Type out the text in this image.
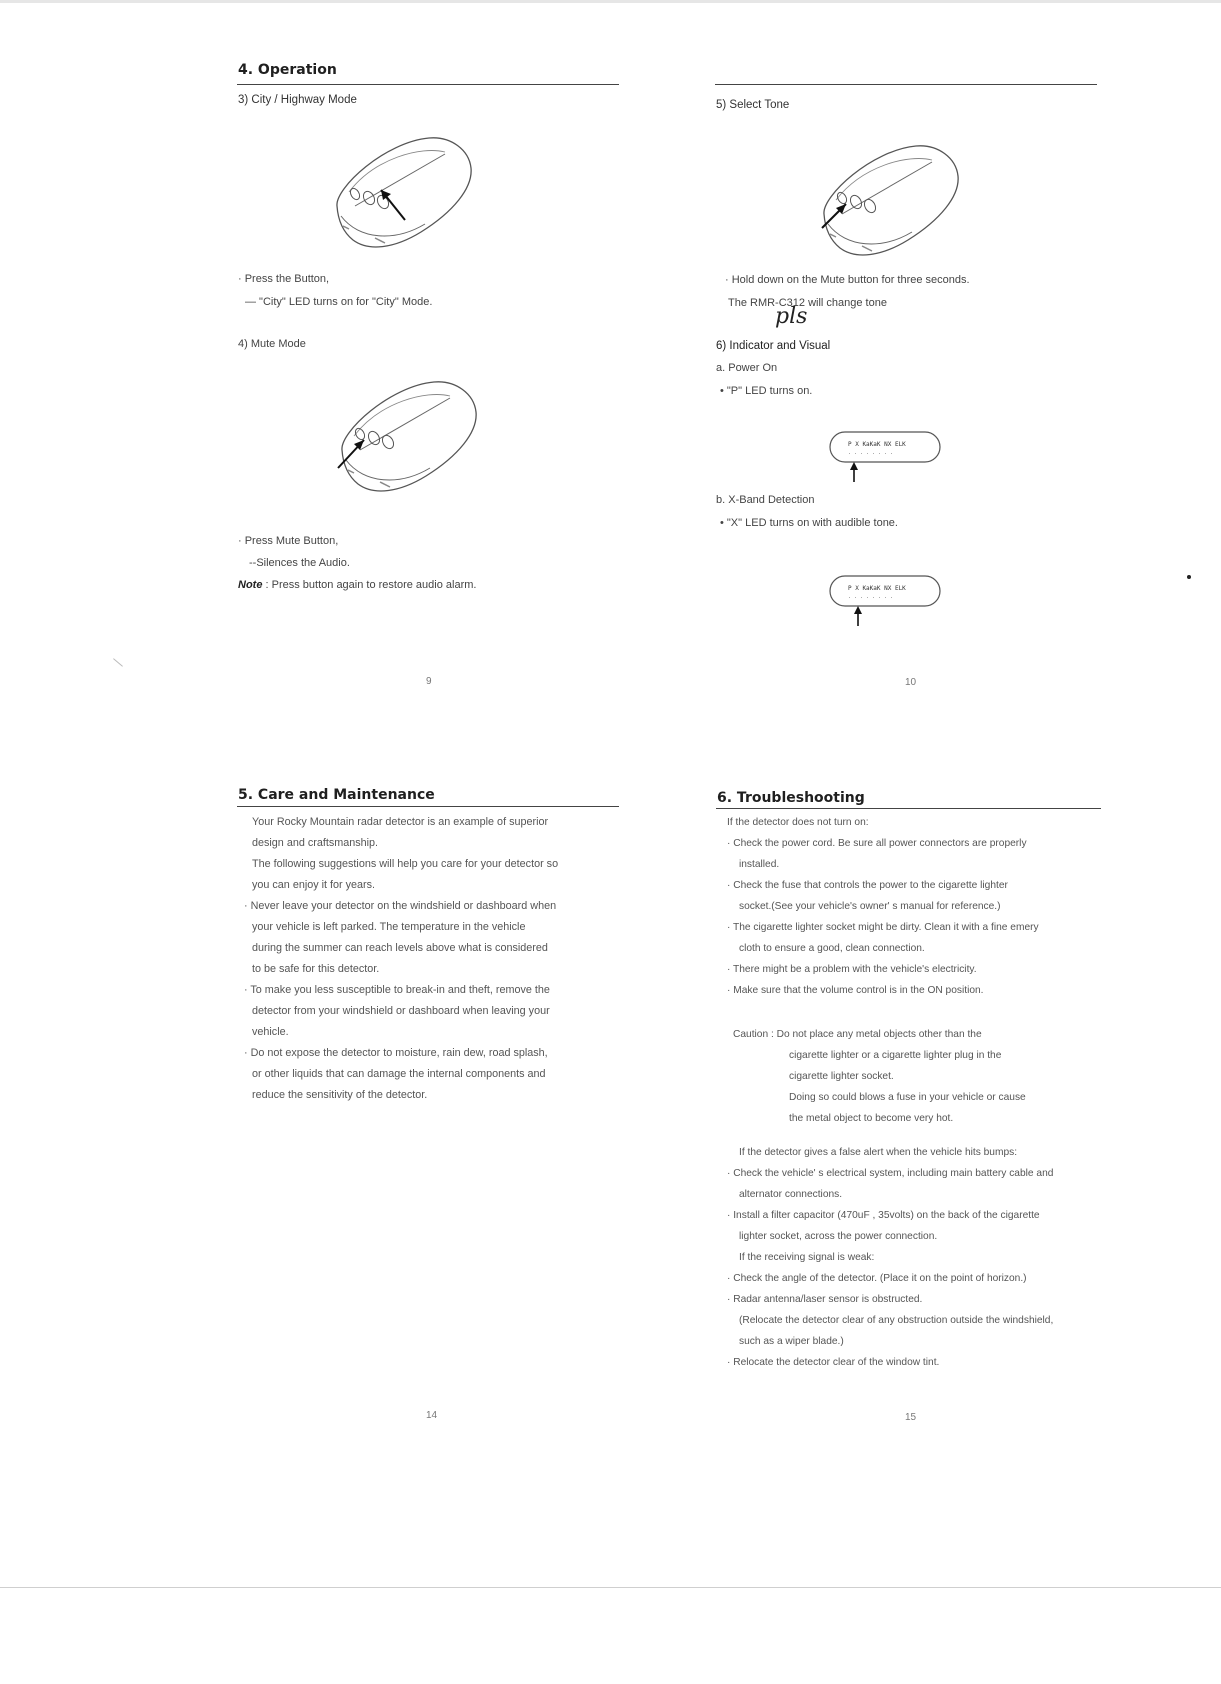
4. Operation
3) City / Highway Mode
· Press the Button,
— "City" LED turns on for "City" Mode.
4) Mute Mode
· Press Mute Button,
--Silences the Audio.
Note : Press button again to restore audio alarm.
9
5) Select Tone
· Hold down on the Mute button for three seconds.
The RMR-C312 will change tone
pls
6) Indicator and Visual
a. Power On
• "P" LED turns on.
P X KaKaK NX ELK
. . . . . . . .
b. X-Band Detection
• "X" LED turns on with audible tone.
P X KaKaK NX ELK
. . . . . . . .
10
5. Care and Maintenance
Your Rocky Mountain radar detector is an example of superior
design and craftsmanship.
The following suggestions will help you care for your detector so
you can enjoy it for years.
· Never leave your detector on the windshield or dashboard when
your vehicle is left parked. The temperature in the vehicle
during the summer can reach levels above what is considered
to be safe for this detector.
· To make you less susceptible to break-in and theft, remove the
detector from your windshield or dashboard when leaving your
vehicle.
· Do not expose the detector to moisture, rain dew, road splash,
or other liquids that can damage the internal components and
reduce the sensitivity of the detector.
14
6. Troubleshooting
If the detector does not turn on:
· Check the power cord. Be sure all power connectors are properly
installed.
· Check the fuse that controls the power to the cigarette lighter
socket.(See your vehicle's owner' s manual for reference.)
· The cigarette lighter socket might be dirty. Clean it with a fine emery
cloth to ensure a good, clean connection.
· There might be a problem with the vehicle's electricity.
· Make sure that the volume control is in the ON position.
Caution : Do not place any metal objects other than the
cigarette lighter or a cigarette lighter plug in the
cigarette lighter socket.
Doing so could blows a fuse in your vehicle or cause
the metal object to become very hot.
If the detector gives a false alert when the vehicle hits bumps:
· Check the vehicle' s electrical system, including main battery cable and
alternator connections.
· Install a filter capacitor (470uF , 35volts) on the back of the cigarette
lighter socket, across the power connection.
If the receiving signal is weak:
· Check the angle of the detector. (Place it on the point of horizon.)
· Radar antenna/laser sensor is obstructed.
(Relocate the detector clear of any obstruction outside the windshield,
such as a wiper blade.)
· Relocate the detector clear of the window tint.
15
